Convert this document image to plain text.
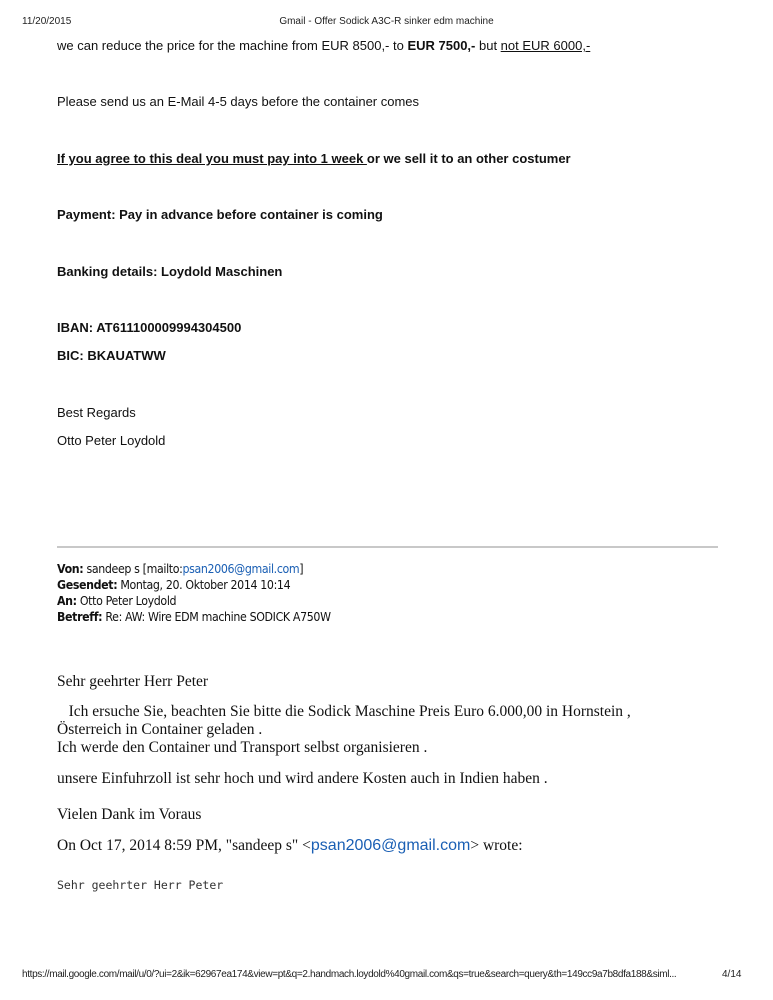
11/20/2015	Gmail - Offer Sodick A3C-R sinker edm machine
we can reduce the price for the machine from EUR 8500,- to EUR 7500,- but not EUR 6000,-
Please send us an E-Mail 4-5 days before the container comes
If you agree to this deal you must pay into 1 week or we sell it to an other costumer
Payment: Pay in advance before container is coming
Banking details: Loydold Maschinen
IBAN: AT611100009994304500
BIC: BKAUATWW
Best Regards
Otto Peter Loydold
Von: sandeep s [mailto:psan2006@gmail.com]
Gesendet: Montag, 20. Oktober 2014 10:14
An: Otto Peter Loydold
Betreff: Re: AW: Wire EDM machine SODICK A750W
Sehr geehrter Herr Peter
Ich ersuche Sie, beachten Sie bitte die Sodick Maschine Preis Euro 6.000,00 in Hornstein ,
Österreich in Container geladen .
Ich werde den Container und Transport selbst organisieren .
unsere Einfuhrzoll ist sehr hoch und wird andere Kosten auch in Indien haben .
Vielen Dank im Voraus
On Oct 17, 2014 8:59 PM, "sandeep s" <psan2006@gmail.com> wrote:
Sehr geehrter Herr Peter
https://mail.google.com/mail/u/0/?ui=2&ik=62967ea174&view=pt&q=2.handmach.loydold%40gmail.com&qs=true&search=query&th=149cc9a7b8dfa188&siml...	4/14
